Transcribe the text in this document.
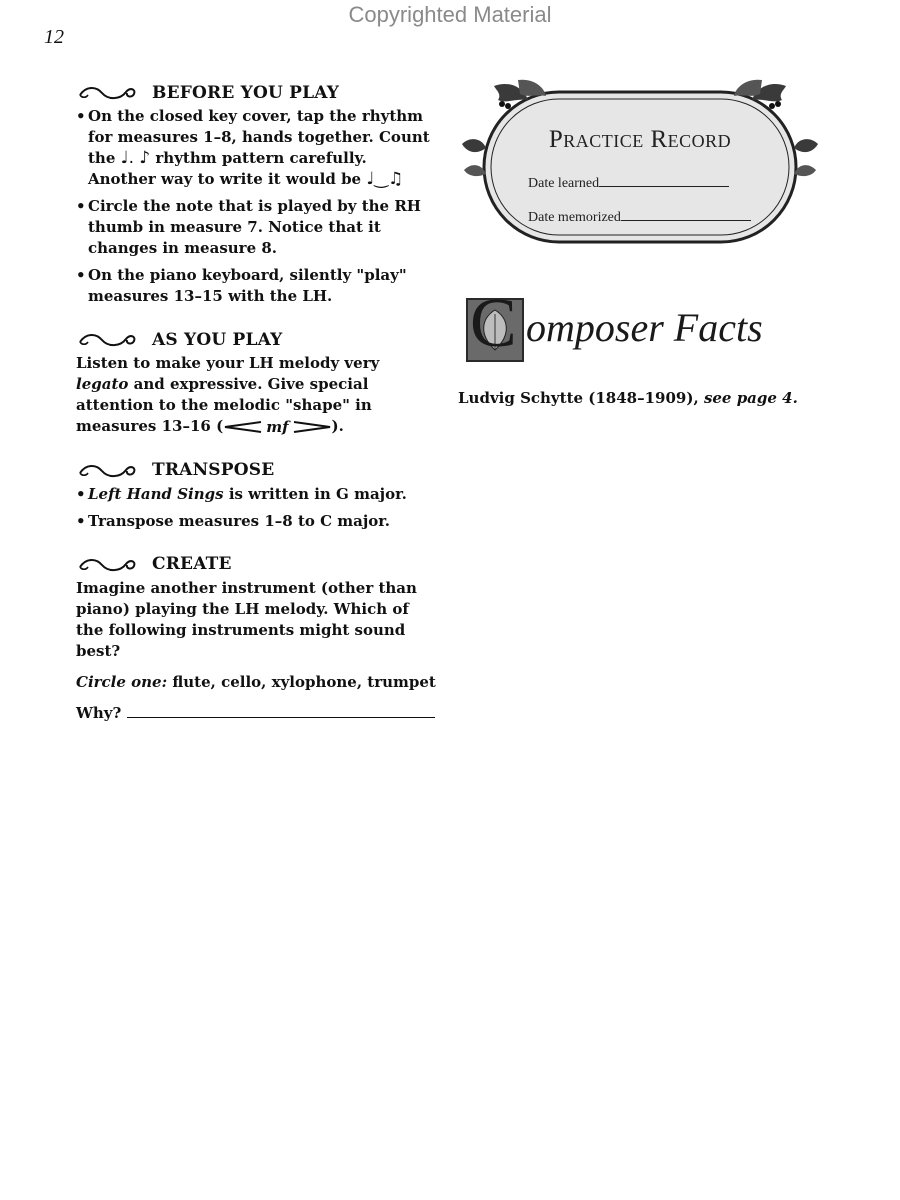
Copyrighted Material
12
BEFORE YOU PLAY
• On the closed key cover, tap the rhythm for measures 1–8, hands together. Count the ♩. ♪ rhythm pattern carefully. Another way to write it would be ♩‿♫
• Circle the note that is played by the RH thumb in measure 7. Notice that it changes in measure 8.
• On the piano keyboard, silently "play" measures 13–15 with the LH.
AS YOU PLAY
Listen to make your LH melody very legato and expressive. Give special attention to the melodic "shape" in measures 13–16 (	mf	).
TRANSPOSE
• Left Hand Sings is written in G major.
• Transpose measures 1–8 to C major.
CREATE
Imagine another instrument (other than piano) playing the LH melody. Which of the following instruments might sound best?
Circle one: flute, cello, xylophone, trumpet
Why?
Practice Record
Date learned
Date memorized
C omposer Facts
Ludvig Schytte (1848–1909), see page 4.
